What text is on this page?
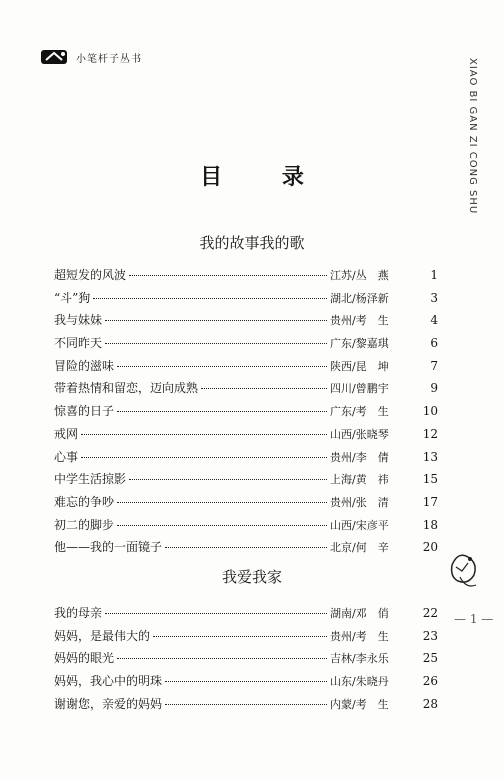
小笔杆子丛书	XIAO BI GAN ZI CONG SHU
— 1 —
目 录
我的故事我的歌
超短发的风波	江苏/丛　燕	1
“斗”狗	湖北/杨泽新	3
我与妹妹	贵州/考　生	4
不同昨天	广东/黎嘉琪	6
冒险的滋味	陕西/昆　坤	7
带着热情和留恋，迈向成熟	四川/曾鹏宇	9
惊喜的日子	广东/考　生	10
戒网	山西/张晓琴	12
心事	贵州/李　倩	13
中学生活掠影	上海/黄　祎	15
难忘的争吵	贵州/张　清	17
初二的脚步	山西/宋彦平	18
他——我的一面镜子	北京/何　辛	20
我爱我家
我的母亲	湖南/邓　俏	22
妈妈，是最伟大的	贵州/考　生	23
妈妈的眼光	吉林/李永乐	25
妈妈，我心中的明珠	山东/朱晓丹	26
谢谢您，亲爱的妈妈	内蒙/考　生	28
